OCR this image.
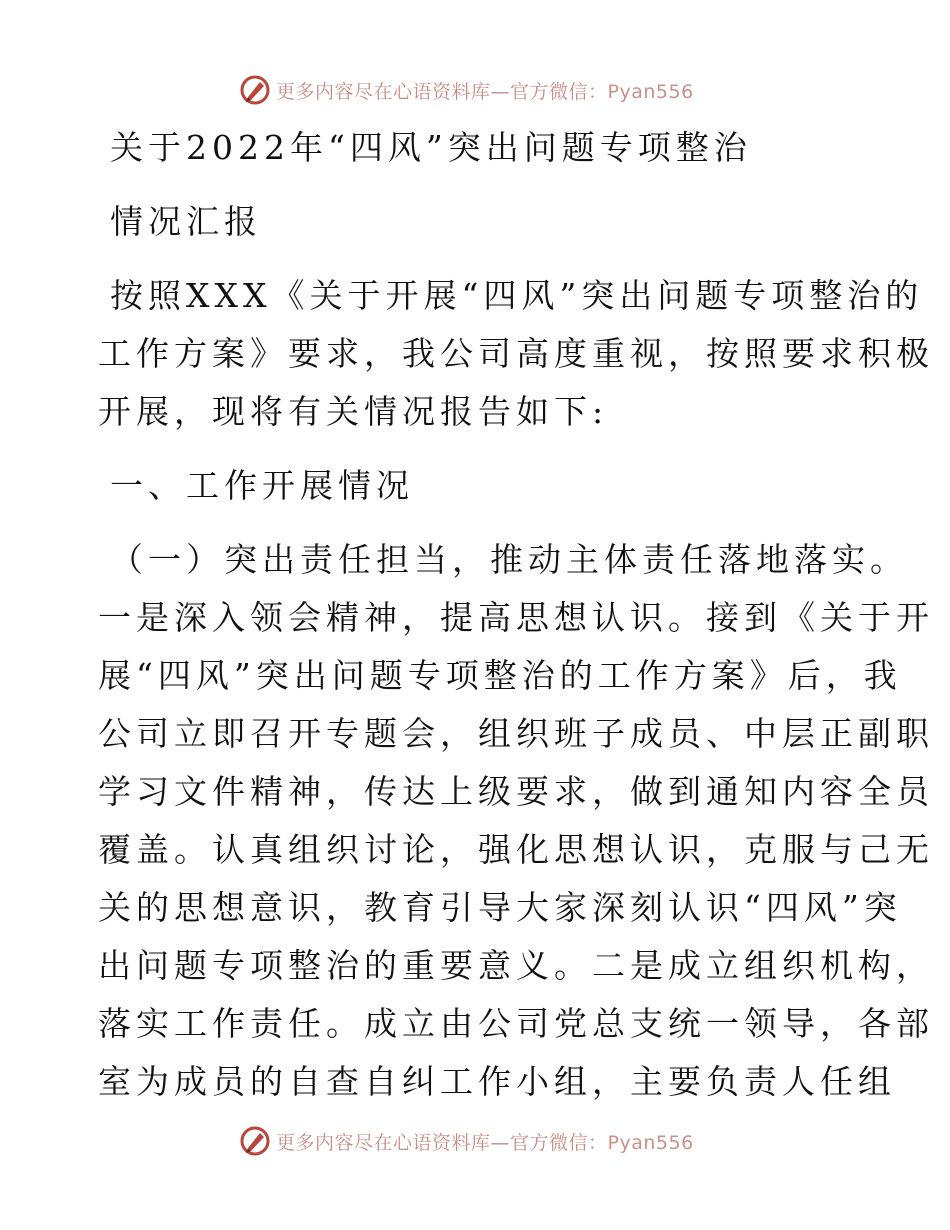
更多内容尽在心语资料库—官方微信：Pyan556
关于2022年“四风”突出问题专项整治
情况汇报
按照XXX《关于开展“四风”突出问题专项整治的
工作方案》要求，我公司高度重视，按照要求积极
开展，现将有关情况报告如下:
一、工作开展情况
（一）突出责任担当，推动主体责任落地落实。
一是深入领会精神，提高思想认识。接到《关于开
展“四风”突出问题专项整治的工作方案》后，我
公司立即召开专题会，组织班子成员、中层正副职
学习文件精神，传达上级要求，做到通知内容全员
覆盖。认真组织讨论，强化思想认识，克服与己无
关的思想意识，教育引导大家深刻认识“四风”突
出问题专项整治的重要意义。二是成立组织机构，
落实工作责任。成立由公司党总支统一领导，各部
室为成员的自查自纠工作小组，主要负责人任组
更多内容尽在心语资料库—官方微信：Pyan556
